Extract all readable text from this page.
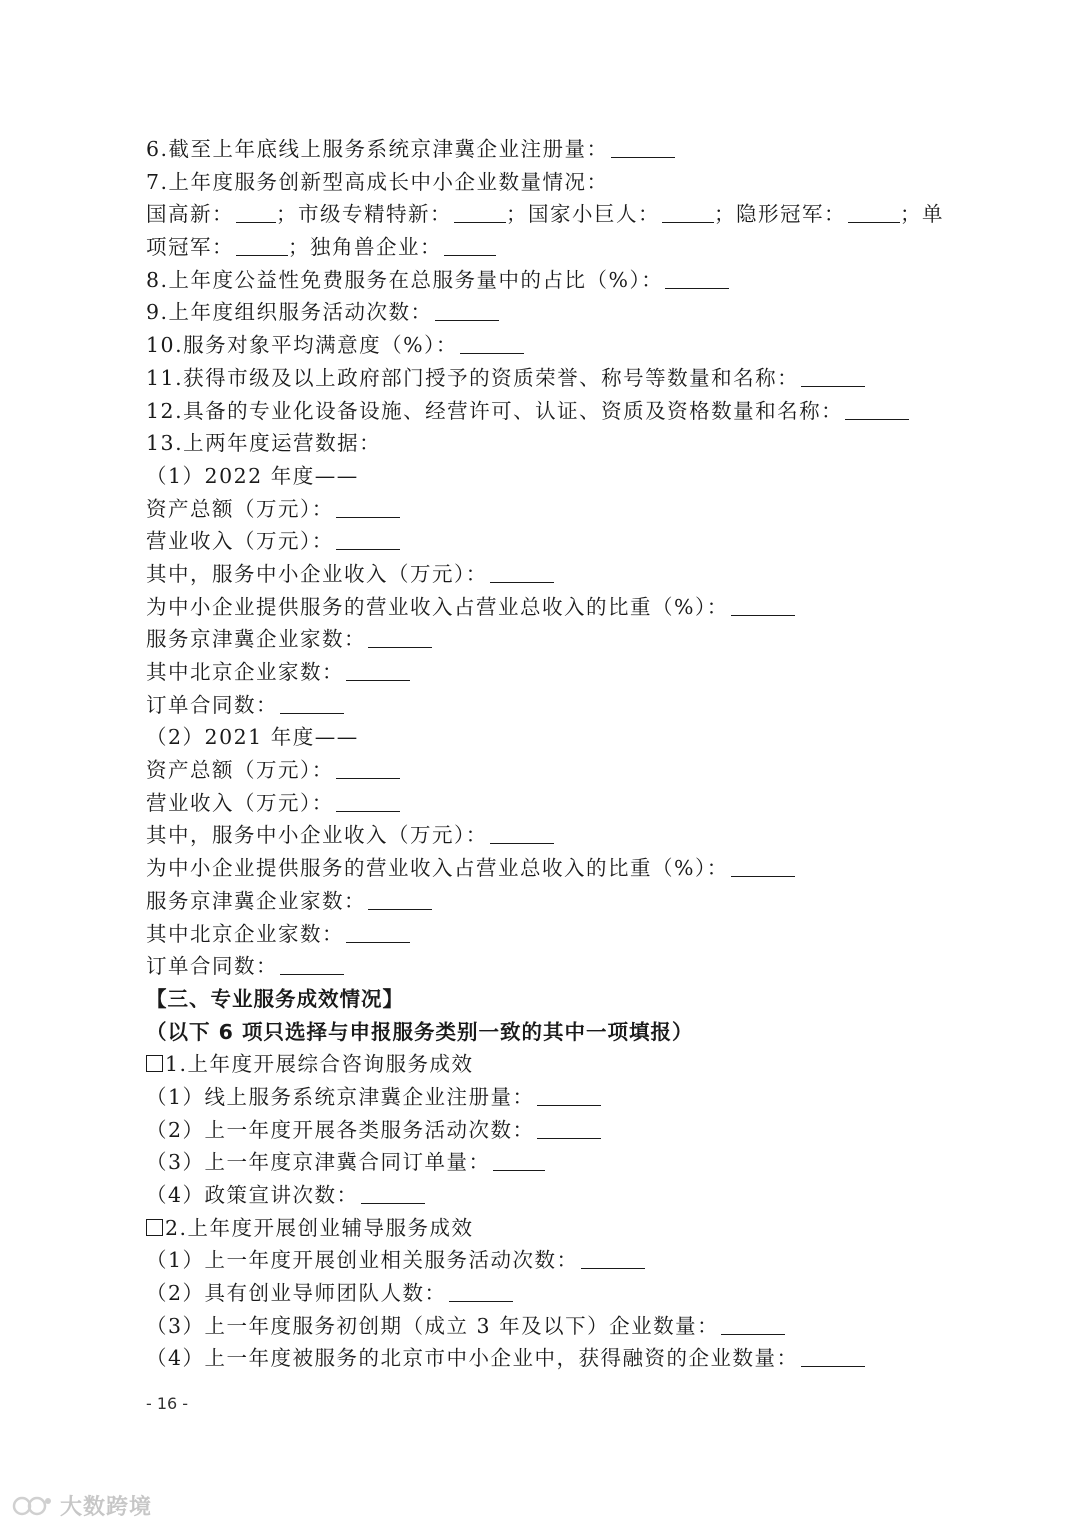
6.截至上年底线上服务系统京津冀企业注册量：
7.上年度服务创新型高成长中小企业数量情况：
国高新： ；市级专精特新：	；国家小巨人：	；隐形冠军：	；单项冠军：	；独角兽企业：
8.上年度公益性免费服务在总服务量中的占比（%）：
9.上年度组织服务活动次数：
10.服务对象平均满意度（%）：
11.获得市级及以上政府部门授予的资质荣誉、称号等数量和名称：
12.具备的专业化设备设施、经营许可、认证、资质及资格数量和名称：
13.上两年度运营数据：
（1）2022 年度——
资产总额（万元）：
营业收入（万元）：
其中，服务中小企业收入（万元）：
为中小企业提供服务的营业收入占营业总收入的比重（%）：
服务京津冀企业家数：
其中北京企业家数：
订单合同数：
（2）2021 年度——
资产总额（万元）：
营业收入（万元）：
其中，服务中小企业收入（万元）：
为中小企业提供服务的营业收入占营业总收入的比重（%）：
服务京津冀企业家数：
其中北京企业家数：
订单合同数：
【三、专业服务成效情况】
（以下 6 项只选择与申报服务类别一致的其中一项填报）
1.上年度开展综合咨询服务成效
（1）线上服务系统京津冀企业注册量：
（2）上一年度开展各类服务活动次数：
（3）上一年度京津冀合同订单量：
（4）政策宣讲次数：
2.上年度开展创业辅导服务成效
（1）上一年度开展创业相关服务活动次数：
（2）具有创业导师团队人数：
（3）上一年度服务初创期（成立 3 年及以下）企业数量：
（4）上一年度被服务的北京市中小企业中，获得融资的企业数量：
- 16 -
大数跨境
